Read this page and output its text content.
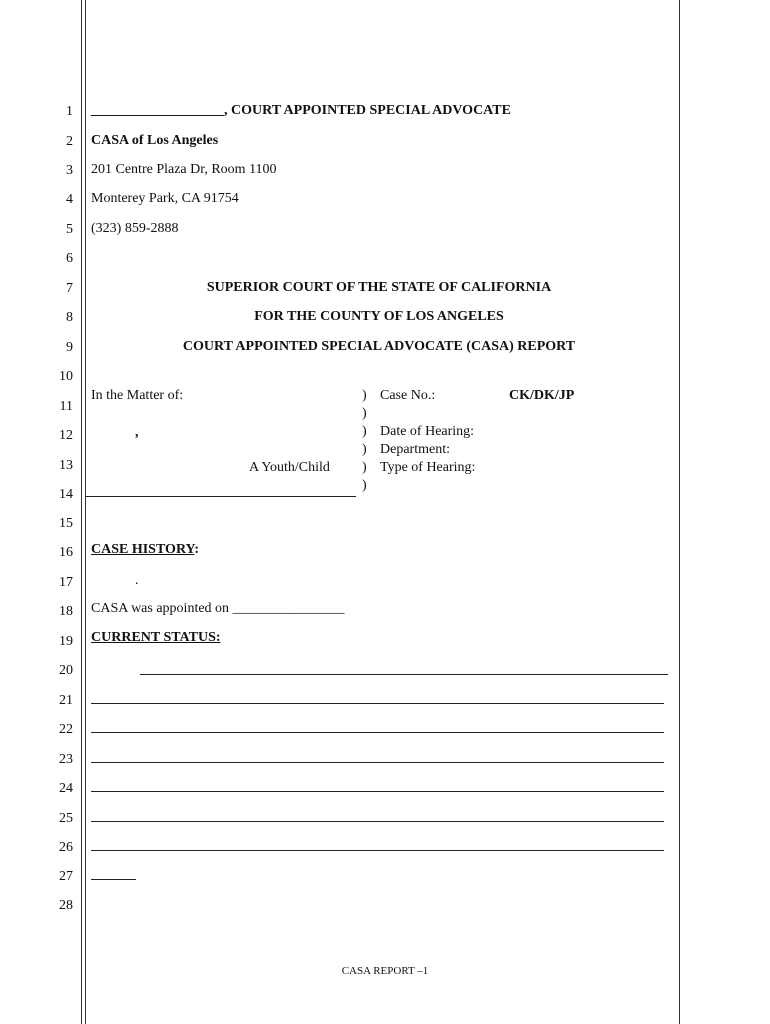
1
2
3
4
5
6
7
8
9
10
11
12
13
14
15
16
17
18
19
20
21
22
23
24
25
26
27
28
___________________, COURT APPOINTED SPECIAL ADVOCATE
CASA of Los Angeles
201 Centre Plaza Dr, Room 1100
Monterey Park, CA 91754
(323) 859-2888
SUPERIOR COURT OF THE STATE OF CALIFORNIA
FOR THE COUNTY OF LOS ANGELES
COURT APPOINTED SPECIAL ADVOCATE (CASA) REPORT
In the Matter of:
,
A Youth/Child
)
)
)
)
)
)
Case No.:	CK/DK/JP
Date of Hearing:
Department:
Type of Hearing:
CASE HISTORY:
.
CASA was appointed on ________________
CURRENT STATUS:
CASA REPORT –1
